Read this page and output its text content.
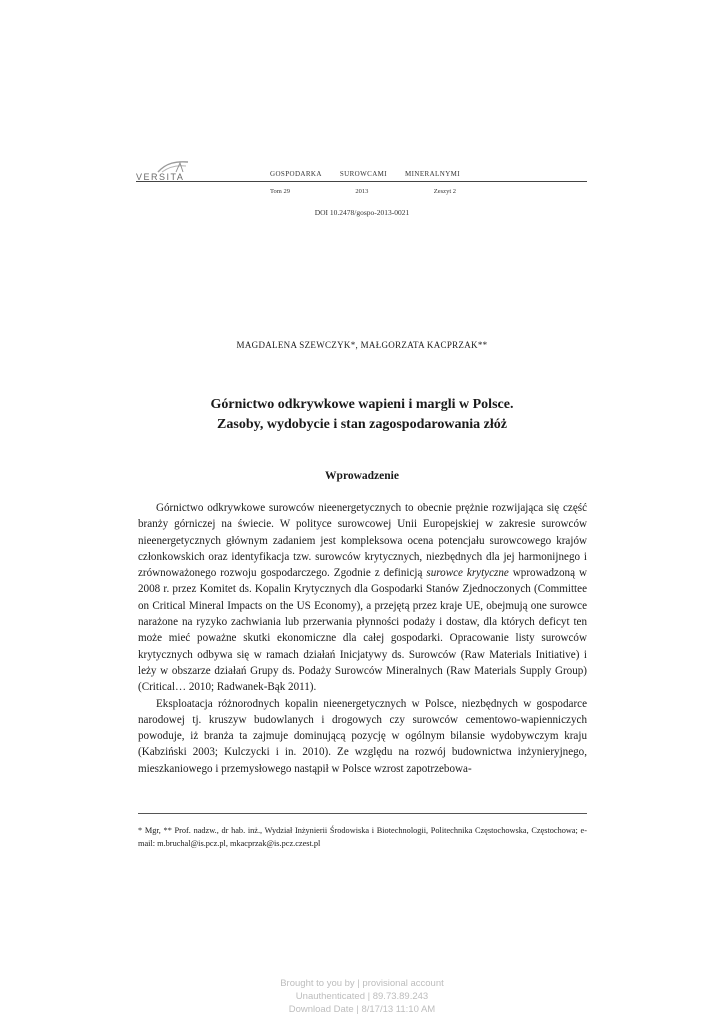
VERSITA	GOSPODARKA	SUROWCAMI	MINERALNYMI
Tom 29	2013	Zeszyt 2
DOI 10.2478/gospo-2013-0021
MAGDALENA SZEWCZYK*, MAŁGORZATA KACPRZAK**
Górnictwo odkrywkowe wapieni i margli w Polsce.
Zasoby, wydobycie i stan zagospodarowania złóż
Wprowadzenie

Górnictwo odkrywkowe surowców nieenergetycznych to obecnie prężnie rozwijająca się część branży górniczej na świecie. W polityce surowcowej Unii Europejskiej w zakresie surowców nieenergetycznych głównym zadaniem jest kompleksowa ocena potencjału surowcowego krajów członkowskich oraz identyfikacja tzw. surowców krytycznych, niezbędnych dla jej harmonijnego i zrównoważonego rozwoju gospodarczego. Zgodnie z definicją surowce krytyczne wprowadzoną w 2008 r. przez Komitet ds. Kopalin Krytycznych dla Gospodarki Stanów Zjednoczonych (Committee on Critical Mineral Impacts on the US Economy), a przejętą przez kraje UE, obejmują one surowce narażone na ryzyko zachwiania lub przerwania płynności podaży i dostaw, dla których deficyt ten może mieć poważne skutki ekonomiczne dla całej gospodarki. Opracowanie listy surowców krytycznych odbywa się w ramach działań Inicjatywy ds. Surowców (Raw Materials Initiative) i leży w obszarze działań Grupy ds. Podaży Surowców Mineralnych (Raw Materials Supply Group) (Critical… 2010; Radwanek-Bąk 2011).

Eksploatacja różnorodnych kopalin nieenergetycznych w Polsce, niezbędnych w gospodarce narodowej tj. kruszyw budowlanych i drogowych czy surowców cementowo-wapienniczych powoduje, iż branża ta zajmuje dominującą pozycję w ogólnym bilansie wydobywczym kraju (Kabziński 2003; Kulczycki i in. 2010). Ze względu na rozwój budownictwa inżynieryjnego, mieszkaniowego i przemysłowego nastąpił w Polsce wzrost zapotrzebowa-

* Mgr, ** Prof. nadzw., dr hab. inż., Wydział Inżynierii Środowiska i Biotechnologii, Politechnika Częstochowska, Częstochowa; e-mail: m.bruchal@is.pcz.pl, mkacprzak@is.pcz.czest.pl
Brought to you by | provisional account
Unauthenticated | 89.73.89.243
Download Date | 8/17/13 11:10 AM
